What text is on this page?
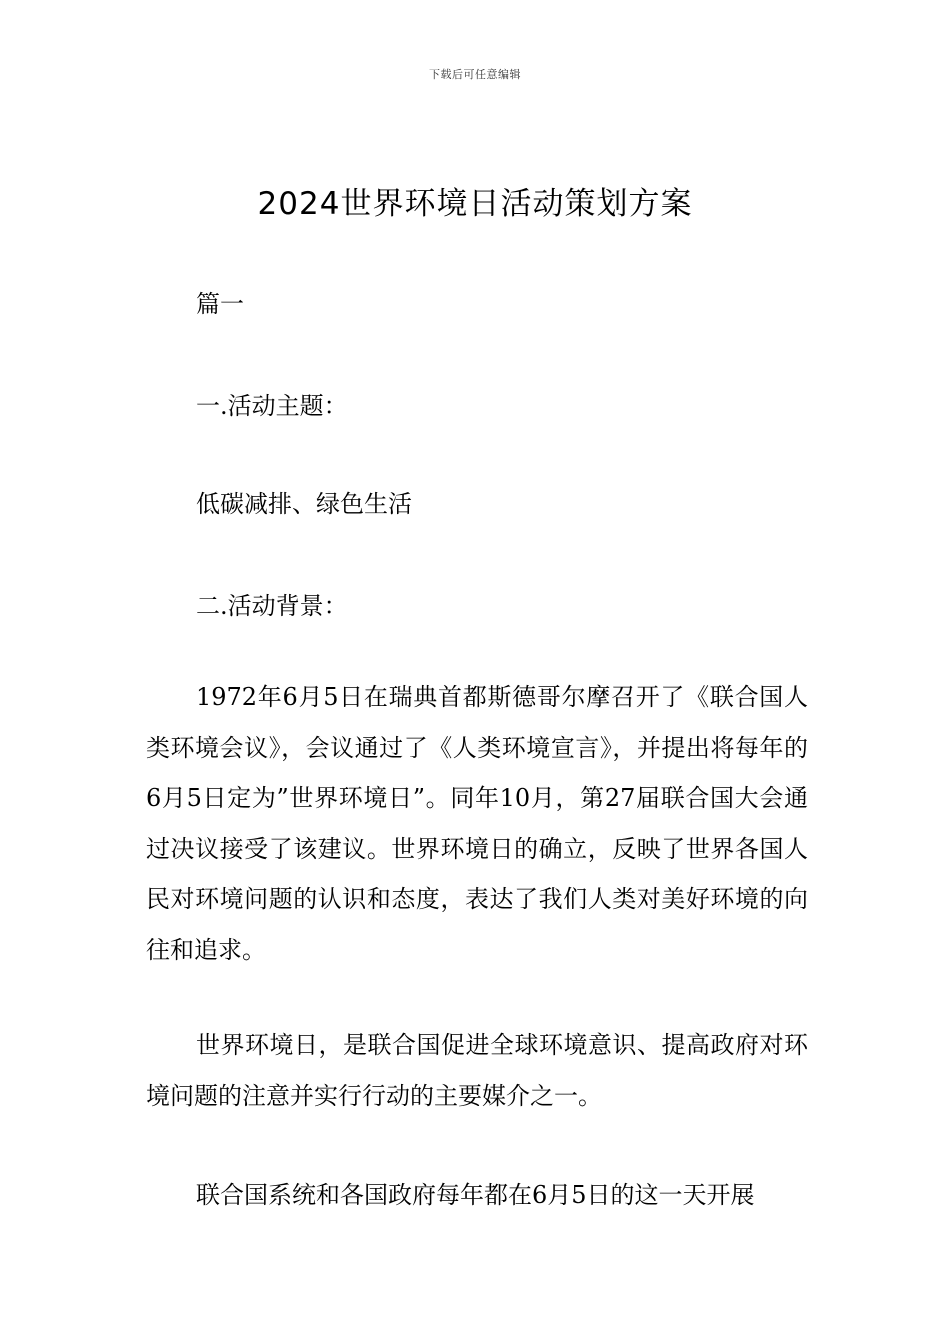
下载后可任意编辑
2024世界环境日活动策划方案

篇一

一.活动主题：

低碳减排、绿色生活

二.活动背景：

1972年6月5日在瑞典首都斯德哥尔摩召开了《联合国人类环境会议》，会议通过了《人类环境宣言》，并提出将每年的6月5日定为”世界环境日”。同年10月，第27届联合国大会通过决议接受了该建议。世界环境日的确立，反映了世界各国人民对环境问题的认识和态度，表达了我们人类对美好环境的向往和追求。

世界环境日，是联合国促进全球环境意识、提高政府对环境问题的注意并实行行动的主要媒介之一。

联合国系统和各国政府每年都在6月5日的这一天开展
